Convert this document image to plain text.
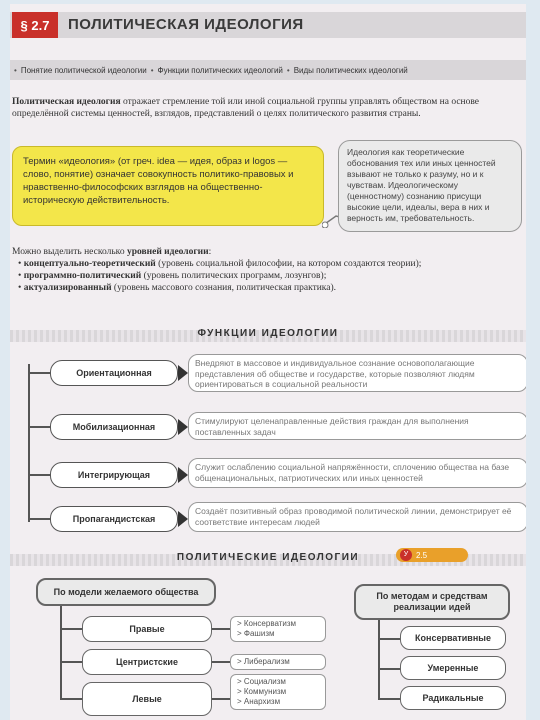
§ 2.7	ПОЛИТИЧЕСКАЯ ИДЕОЛОГИЯ
• Понятие политической идеологии • Функции политических идеологий • Виды политических идеологий

Политическая идеология отражает стремление той или иной социальной группы управлять обществом на основе определённой системы ценностей, взглядов, представлений о целях политического развития страны.

Термин «идеология» (от греч. idea — идея, образ и logos — слово, понятие) означает совокупность политико-правовых и нравственно-философских взглядов на общественно-историческую действительность.
Идеология как теоретические обоснования тех или иных ценностей взывают не только к разуму, но и к чувствам. Идеологическому (ценностному) сознанию присущи высокие цели, идеалы, вера в них и верность им, требовательность.

Можно выделить несколько уровней идеологии:

• концептуально-теоретический (уровень социальной философии, на котором создаются теории);
• программно-политический (уровень политических программ, лозунгов);
• актуализированный (уровень массового сознания, политическая практика).
ФУНКЦИИ ИДЕОЛОГИИ
Ориентационная
Внедряют в массовое и индивидуальное сознание основополагающие представления об обществе и государстве, которые позволяют людям ориентироваться в социальной реальности
Мобилизационная
Стимулируют целенаправленные действия граждан для выполнения поставленных задач
Интегрирующая
Служит ослаблению социальной напряжённости, сплочению общества на базе общенациональных, патриотических или иных ценностей
Пропагандистская
Создаёт позитивный образ проводимой политической линии, демонстрирует её соответствие интересам людей
ПОЛИТИЧЕСКИЕ ИДЕОЛОГИИ	У 2.5
По модели желаемого общества
Правые
Центристские
Левые
> Консерватизм
> Фашизм
> Либерализм
> Социализм
> Коммунизм
> Анархизм
По методам и средствам реализации идей
Консервативные
Умеренные
Радикальные
